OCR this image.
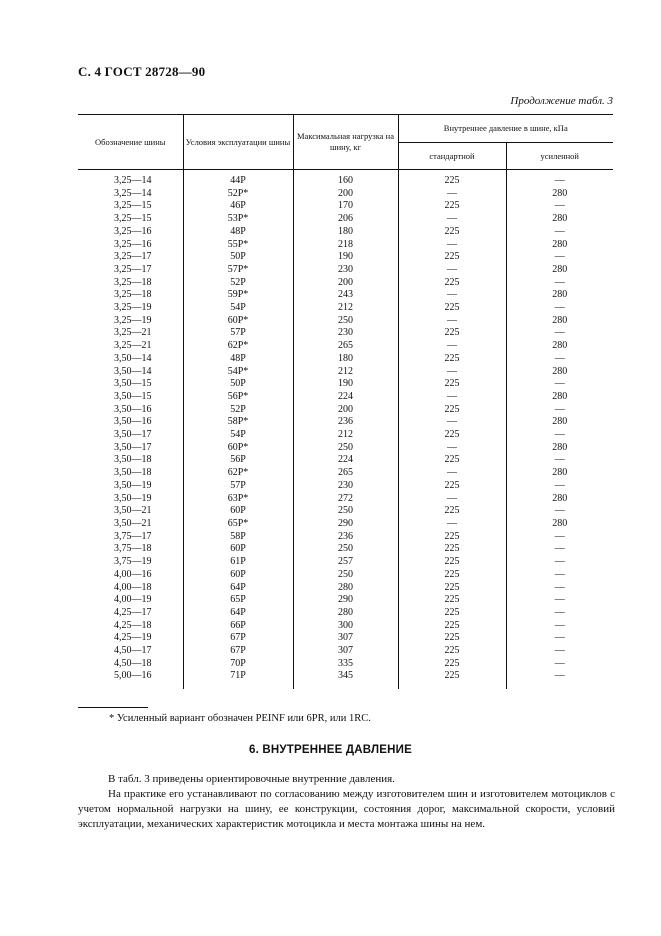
С. 4 ГОСТ 28728—90
Продолжение табл. 3
Обозначение шины	Условия эксплуатации шины	Максимальная нагрузка на шину, кг	Внутреннее давление в шине, кПа	
			стандартной	усиленной
3,25—14	44P	160	225	—
3,25—14	52P*	200	—	280
3,25—15	46P	170	225	—
3,25—15	53P*	206	—	280
3,25—16	48P	180	225	—
3,25—16	55P*	218	—	280
3,25—17	50P	190	225	—
3,25—17	57P*	230	—	280
3,25—18	52P	200	225	—
3,25—18	59P*	243	—	280
3,25—19	54P	212	225	—
3,25—19	60P*	250	—	280
3,25—21	57P	230	225	—
3,25—21	62P*	265	—	280
3,50—14	48P	180	225	—
3,50—14	54P*	212	—	280
3,50—15	50P	190	225	—
3,50—15	56P*	224	—	280
3,50—16	52P	200	225	—
3,50—16	58P*	236	—	280
3,50—17	54P	212	225	—
3,50—17	60P*	250	—	280
3,50—18	56P	224	225	—
3,50—18	62P*	265	—	280
3,50—19	57P	230	225	—
3,50—19	63P*	272	—	280
3,50—21	60P	250	225	—
3,50—21	65P*	290	—	280
3,75—17	58P	236	225	—
3,75—18	60P	250	225	—
3,75—19	61P	257	225	—
4,00—16	60P	250	225	—
4,00—18	64P	280	225	—
4,00—19	65P	290	225	—
4,25—17	64P	280	225	—
4,25—18	66P	300	225	—
4,25—19	67P	307	225	—
4,50—17	67P	307	225	—
4,50—18	70P	335	225	—
5,00—16	71P	345	225	—
* Усиленный вариант обозначен PEINF или 6PR, или 1RC.
6. ВНУТРЕННЕЕ ДАВЛЕНИЕ

В табл. 3 приведены ориентировочные внутренние давления.

На практике его устанавливают по согласованию между изготовителем шин и изготовителем мотоциклов с учетом нормальной нагрузки на шину, ее конструкции, состояния дорог, максимальной скорости, условий эксплуатации, механических характеристик мотоцикла и места монтажа шины на нем.
